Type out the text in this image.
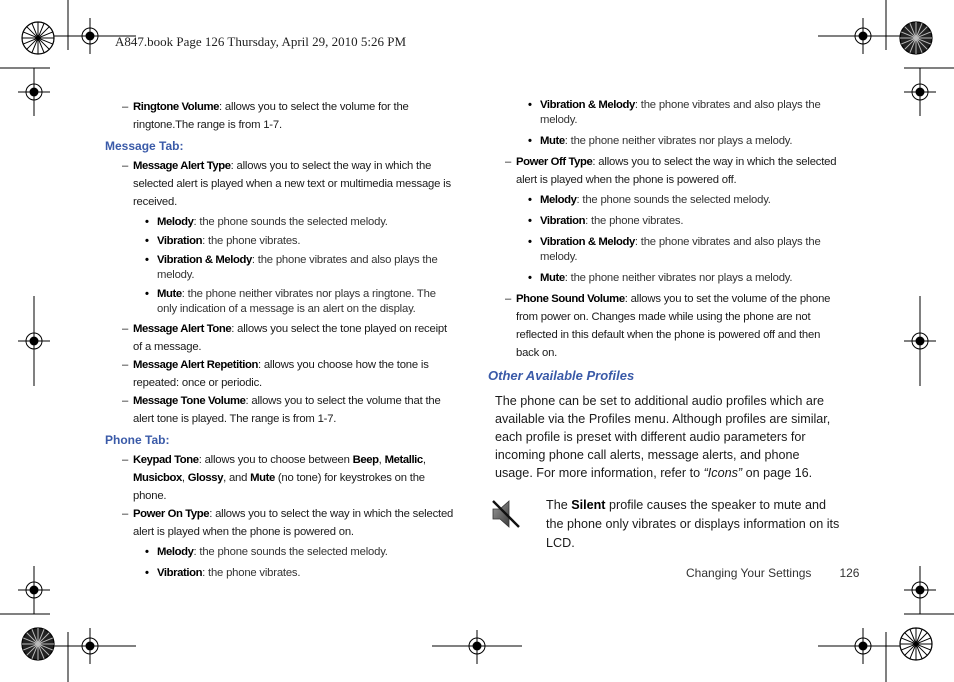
A847.book Page 126 Thursday, April 29, 2010 5:26 PM
– Ringtone Volume: allows you to select the volume for the ringtone.The range is from 1-7.
Message Tab:
– Message Alert Type: allows you to select the way in which the selected alert is played when a new text or multimedia message is received.
• Melody: the phone sounds the selected melody.
• Vibration: the phone vibrates.
• Vibration & Melody: the phone vibrates and also plays the melody.
• Mute: the phone neither vibrates nor plays a ringtone. The only indication of a message is an alert on the display.
– Message Alert Tone: allows you select the tone played on receipt of a message.
– Message Alert Repetition: allows you choose how the tone is repeated: once or periodic.
– Message Tone Volume: allows you to select the volume that the alert tone is played. The range is from 1-7.
Phone Tab:
– Keypad Tone: allows you to choose between Beep, Metallic, Musicbox, Glossy, and Mute (no tone) for keystrokes on the phone.
– Power On Type: allows you to select the way in which the selected alert is played when the phone is powered on.
• Melody: the phone sounds the selected melody.
• Vibration: the phone vibrates.
• Vibration & Melody: the phone vibrates and also plays the melody.
• Mute: the phone neither vibrates nor plays a melody.
– Power Off Type: allows you to select the way in which the selected alert is played when the phone is powered off.
• Melody: the phone sounds the selected melody.
• Vibration: the phone vibrates.
• Vibration & Melody: the phone vibrates and also plays the melody.
• Mute: the phone neither vibrates nor plays a melody.
– Phone Sound Volume: allows you to set the volume of the phone from power on. Changes made while using the phone are not reflected in this default when the phone is powered off and then back on.
Other Available Profiles
The phone can be set to additional audio profiles which are available via the Profiles menu. Although profiles are similar, each profile is preset with different audio parameters for incoming phone call alerts, message alerts, and phone usage. For more information, refer to “Icons” on page 16.
The Silent profile causes the speaker to mute and the phone only vibrates or displays information on its LCD.
Changing Your Settings 126
